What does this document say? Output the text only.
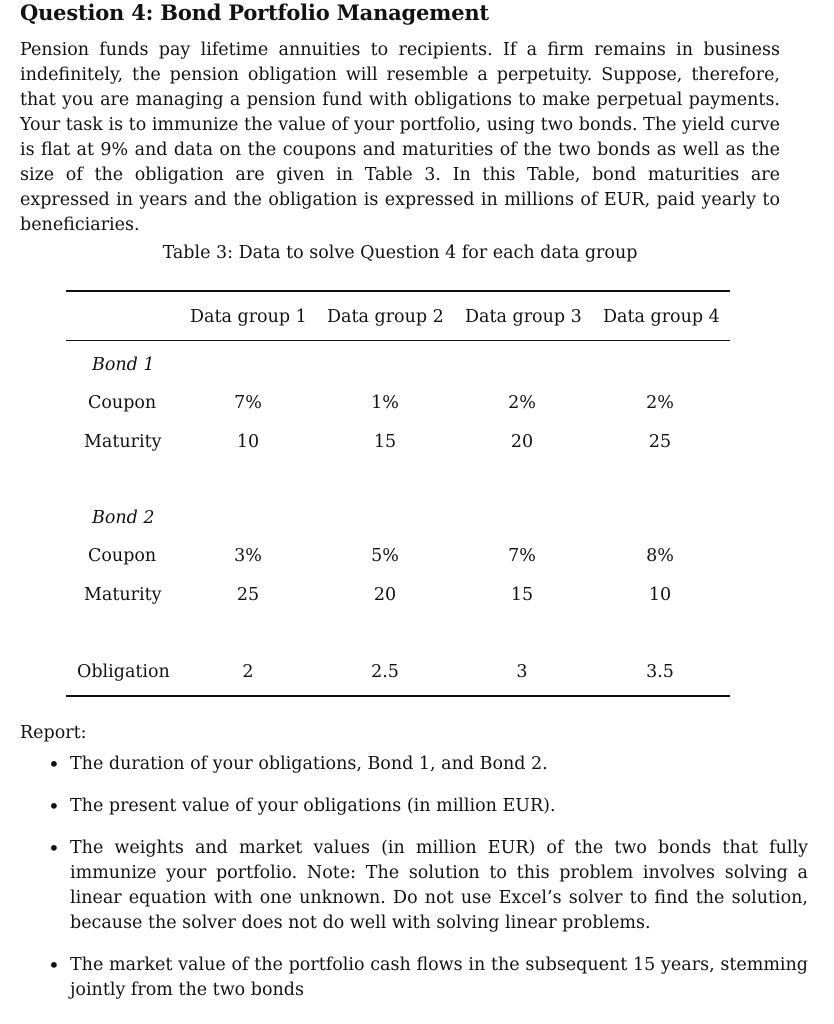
Question 4: Bond Portfolio Management

Pension funds pay lifetime annuities to recipients. If a firm remains in business indefinitely, the pension obligation will resemble a perpetuity. Suppose, therefore, that you are managing a pension fund with obligations to make perpetual payments. Your task is to immunize the value of your portfolio, using two bonds. The yield curve is flat at 9% and data on the coupons and maturities of the two bonds as well as the size of the obligation are given in Table 3. In this Table, bond maturities are expressed in years and the obligation is expressed in millions of EUR, paid yearly to beneficiaries.

Table 3: Data to solve Question 4 for each data group
Data group 1 Data group 2 Data group 3 Data group 4
Bond 1
Coupon	7%	1%	2%	2%
Maturity	10	15	20	25
Bond 2
Coupon	3%	5%	7%	8%
Maturity	25	20	15	10
Obligation	2	2.5	3	3.5
Report:
• The duration of your obligations, Bond 1, and Bond 2.
• The present value of your obligations (in million EUR).
• The weights and market values (in million EUR) of the two bonds that fully immunize your portfolio. Note: The solution to this problem involves solving a linear equation with one unknown. Do not use Excel’s solver to find the solution, because the solver does not do well with solving linear problems.
• The market value of the portfolio cash flows in the subsequent 15 years, stemming jointly from the two bonds
